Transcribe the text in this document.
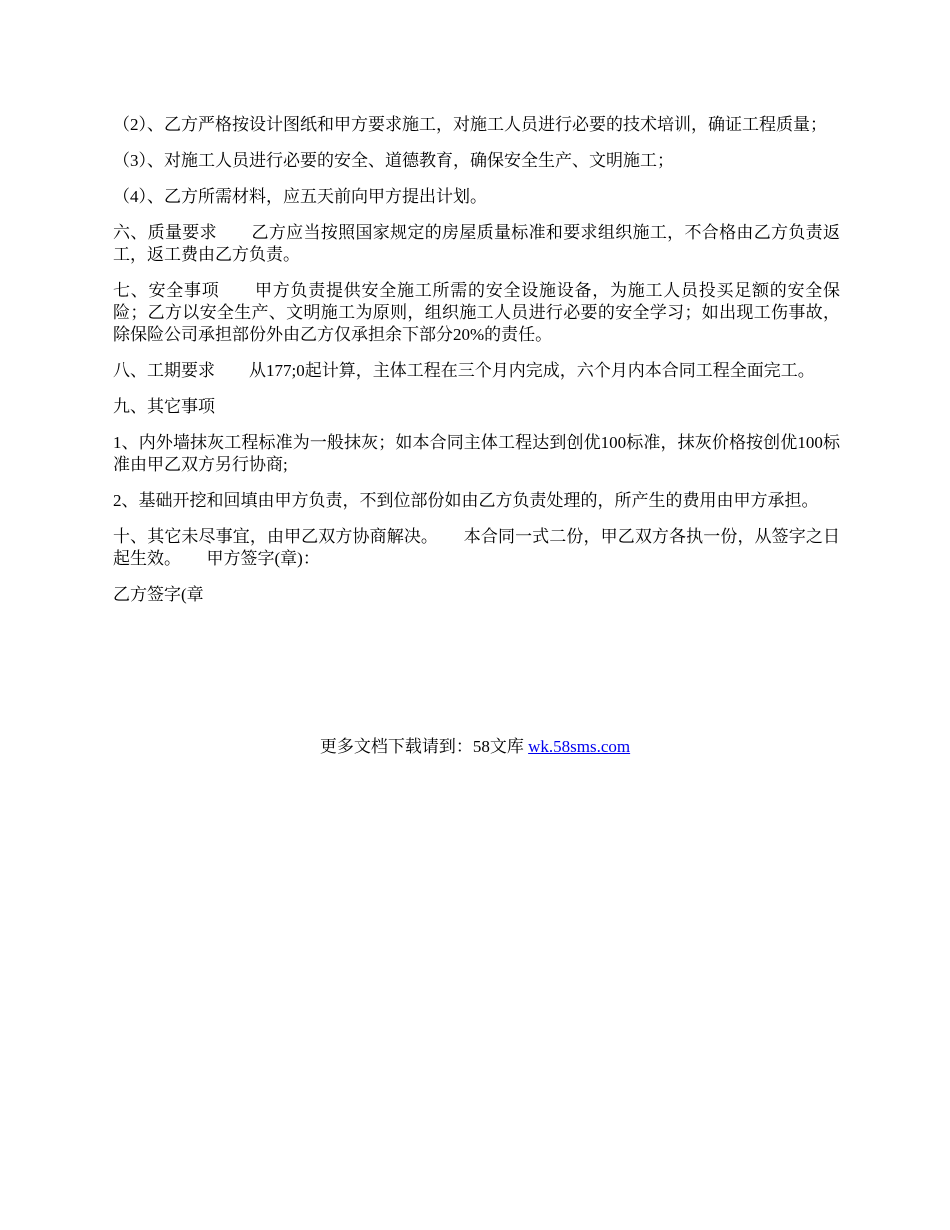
（2）、乙方严格按设计图纸和甲方要求施工，对施工人员进行必要的技术培训，确证工程质量；

（3）、对施工人员进行必要的安全、道德教育，确保安全生产、文明施工；

（4）、乙方所需材料，应五天前向甲方提出计划。

六、质量要求　　乙方应当按照国家规定的房屋质量标准和要求组织施工，不合格由乙方负责返工，返工费由乙方负责。

七、安全事项　　甲方负责提供安全施工所需的安全设施设备，为施工人员投买足额的安全保险；乙方以安全生产、文明施工为原则，组织施工人员进行必要的安全学习；如出现工伤事故，除保险公司承担部份外由乙方仅承担余下部分20%的责任。

八、工期要求　　从177;0起计算，主体工程在三个月内完成，六个月内本合同工程全面完工。

九、其它事项

1、内外墙抹灰工程标准为一般抹灰；如本合同主体工程达到创优100标准，抹灰价格按创优100标准由甲乙双方另行协商;

2、基础开挖和回填由甲方负责，不到位部份如由乙方负责处理的，所产生的费用由甲方承担。

十、其它未尽事宜，由甲乙双方协商解决。　　本合同一式二份，甲乙双方各执一份，从签字之日起生效。　　甲方签字(章)：

乙方签字(章

更多文档下载请到：58文库 wk.58sms.com
